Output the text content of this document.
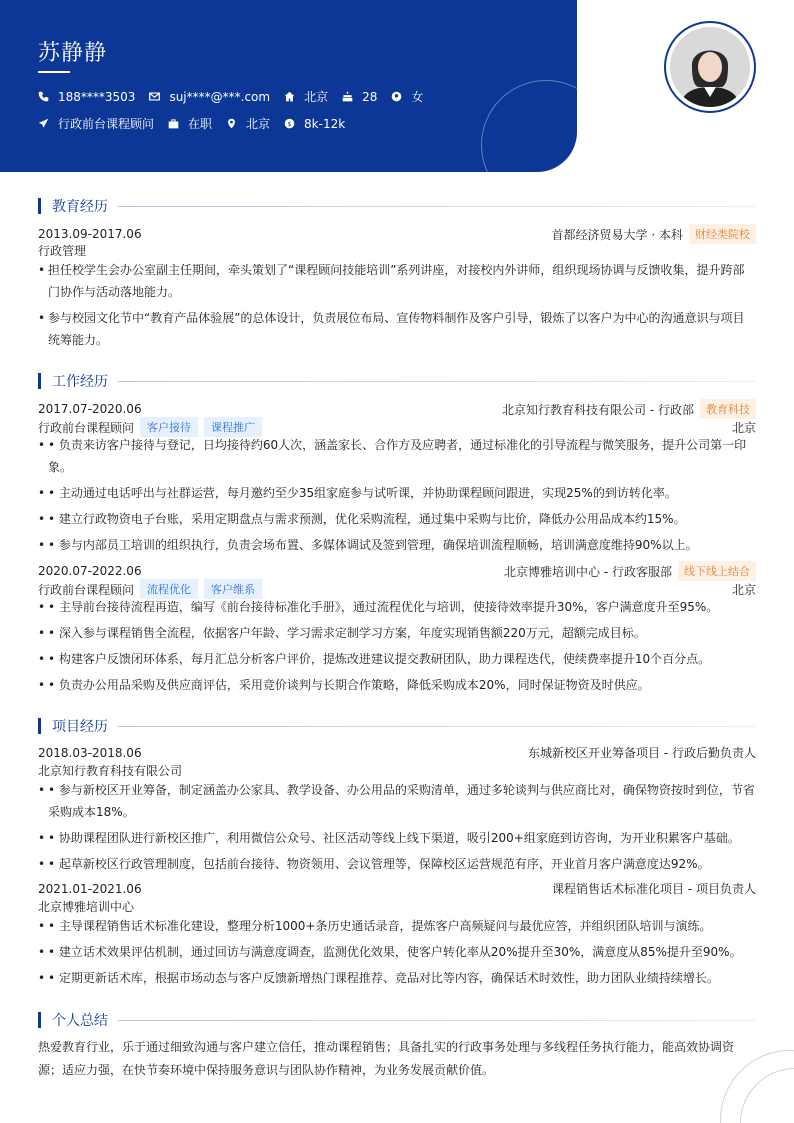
苏静静
188****3503	suj****@***.com	北京	28	女
行政前台课程顾问	在职	北京 $ 8k-12k
教育经历
2013.09-2017.06	首都经济贸易大学 · 本科	财经类院校
行政管理
• 担任校学生会办公室副主任期间，牵头策划了“课程顾问技能培训”系列讲座，对接校内外讲师，组织现场协调与反馈收集，提升跨部门协作与活动落地能力。
• 参与校园文化节中“教育产品体验展”的总体设计，负责展位布局、宣传物料制作及客户引导，锻炼了以客户为中心的沟通意识与项目统筹能力。
工作经历
2017.07-2020.06	北京知行教育科技有限公司 - 行政部	教育科技
行政前台课程顾问	客户接待	课程推广	北京
• • 负责来访客户接待与登记，日均接待约60人次，涵盖家长、合作方及应聘者，通过标准化的引导流程与微笑服务，提升公司第一印象。
• • 主动通过电话呼出与社群运营，每月邀约至少35组家庭参与试听课，并协助课程顾问跟进，实现25%的到访转化率。
• • 建立行政物资电子台账，采用定期盘点与需求预测，优化采购流程，通过集中采购与比价，降低办公用品成本约15%。
• • 参与内部员工培训的组织执行，负责会场布置、多媒体调试及签到管理，确保培训流程顺畅，培训满意度维持90%以上。
2020.07-2022.06	北京博雅培训中心 - 行政客服部	线下线上结合
行政前台课程顾问	流程优化	客户维系	北京
• • 主导前台接待流程再造，编写《前台接待标准化手册》，通过流程优化与培训，使接待效率提升30%，客户满意度升至95%。
• • 深入参与课程销售全流程，依据客户年龄、学习需求定制学习方案，年度实现销售额220万元，超额完成目标。
• • 构建客户反馈闭环体系，每月汇总分析客户评价，提炼改进建议提交教研团队，助力课程迭代，使续费率提升10个百分点。
• • 负责办公用品采购及供应商评估，采用竞价谈判与长期合作策略，降低采购成本20%，同时保证物资及时供应。
项目经历
2018.03-2018.06	东城新校区开业筹备项目 - 行政后勤负责人
北京知行教育科技有限公司
• • 参与新校区开业筹备，制定涵盖办公家具、教学设备、办公用品的采购清单，通过多轮谈判与供应商比对，确保物资按时到位，节省采购成本18%。
• • 协助课程团队进行新校区推广，利用微信公众号、社区活动等线上线下渠道，吸引200+组家庭到访咨询，为开业积累客户基础。
• • 起草新校区行政管理制度，包括前台接待、物资领用、会议管理等，保障校区运营规范有序，开业首月客户满意度达92%。
2021.01-2021.06	课程销售话术标准化项目 - 项目负责人
北京博雅培训中心
• • 主导课程销售话术标准化建设，整理分析1000+条历史通话录音，提炼客户高频疑问与最优应答，并组织团队培训与演练。
• • 建立话术效果评估机制，通过回访与满意度调查，监测优化效果，使客户转化率从20%提升至30%，满意度从85%提升至90%。
• • 定期更新话术库，根据市场动态与客户反馈新增热门课程推荐、竞品对比等内容，确保话术时效性，助力团队业绩持续增长。
个人总结
热爱教育行业，乐于通过细致沟通与客户建立信任，推动课程销售；具备扎实的行政事务处理与多线程任务执行能力，能高效协调资源；适应力强，在快节奏环境中保持服务意识与团队协作精神，为业务发展贡献价值。
